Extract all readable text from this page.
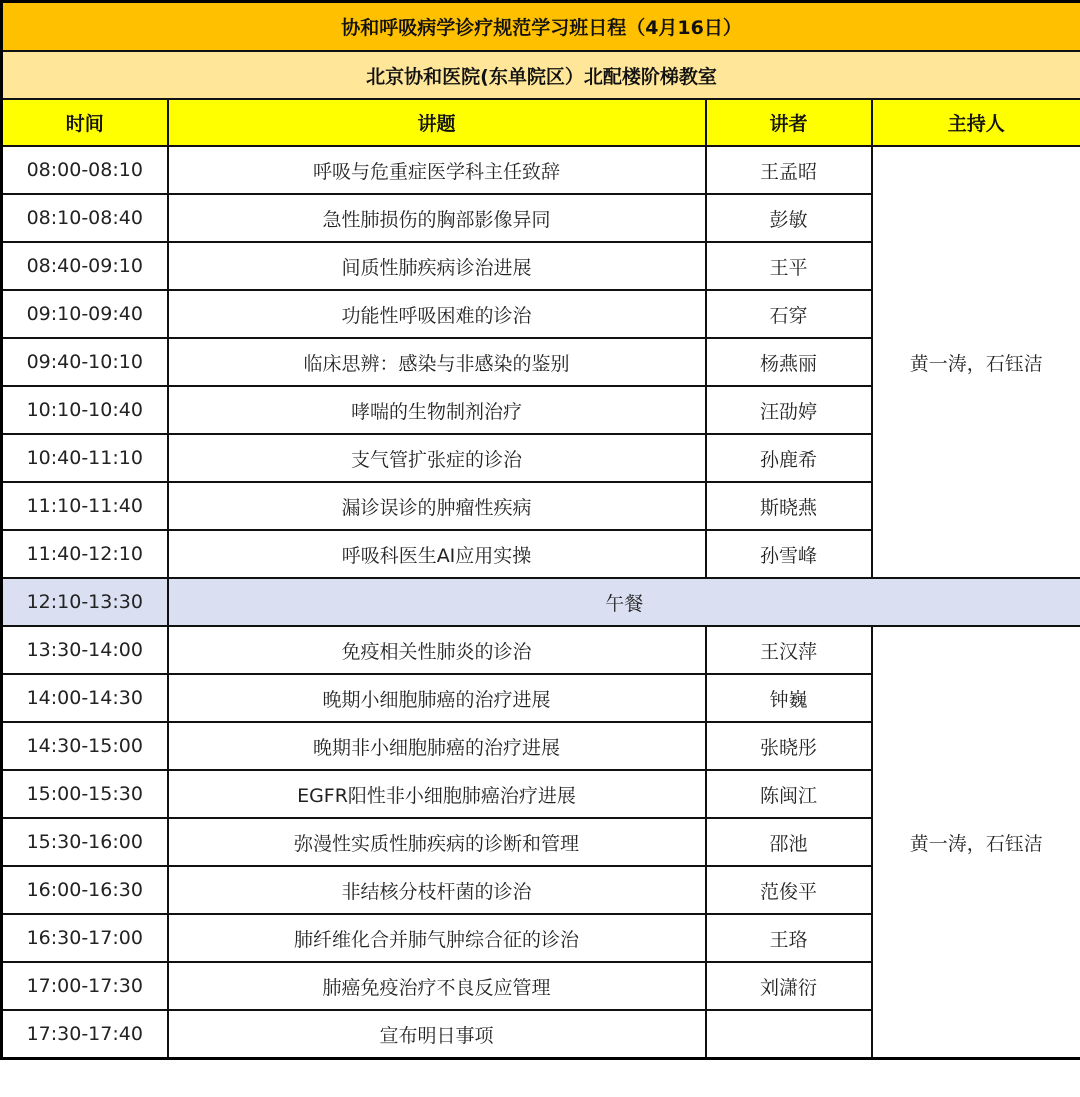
协和呼吸病学诊疗规范学习班日程（4月16日）			
北京协和医院(东单院区）北配楼阶梯教室			
时间	讲题	讲者	主持人
08:00-08:10	呼吸与危重症医学科主任致辞	王孟昭	黄一涛，石钰洁
08:10-08:40	急性肺损伤的胸部影像异同	彭敏	
08:40-09:10	间质性肺疾病诊治进展	王平	
09:10-09:40	功能性呼吸困难的诊治	石穿	
09:40-10:10	临床思辨：感染与非感染的鉴别	杨燕丽	
10:10-10:40	哮喘的生物制剂治疗	汪劭婷	
10:40-11:10	支气管扩张症的诊治	孙鹿希	
11:10-11:40	漏诊误诊的肿瘤性疾病	斯晓燕	
11:40-12:10	呼吸科医生AI应用实操	孙雪峰	
12:10-13:30	午餐		
13:30-14:00	免疫相关性肺炎的诊治	王汉萍	黄一涛，石钰洁
14:00-14:30	晚期小细胞肺癌的治疗进展	钟巍	
14:30-15:00	晚期非小细胞肺癌的治疗进展	张晓彤	
15:00-15:30	EGFR阳性非小细胞肺癌治疗进展	陈闽江	
15:30-16:00	弥漫性实质性肺疾病的诊断和管理	邵池	
16:00-16:30	非结核分枝杆菌的诊治	范俊平	
16:30-17:00	肺纤维化合并肺气肿综合征的诊治	王珞	
17:00-17:30	肺癌免疫治疗不良反应管理	刘潇衍	
17:30-17:40	宣布明日事项		
